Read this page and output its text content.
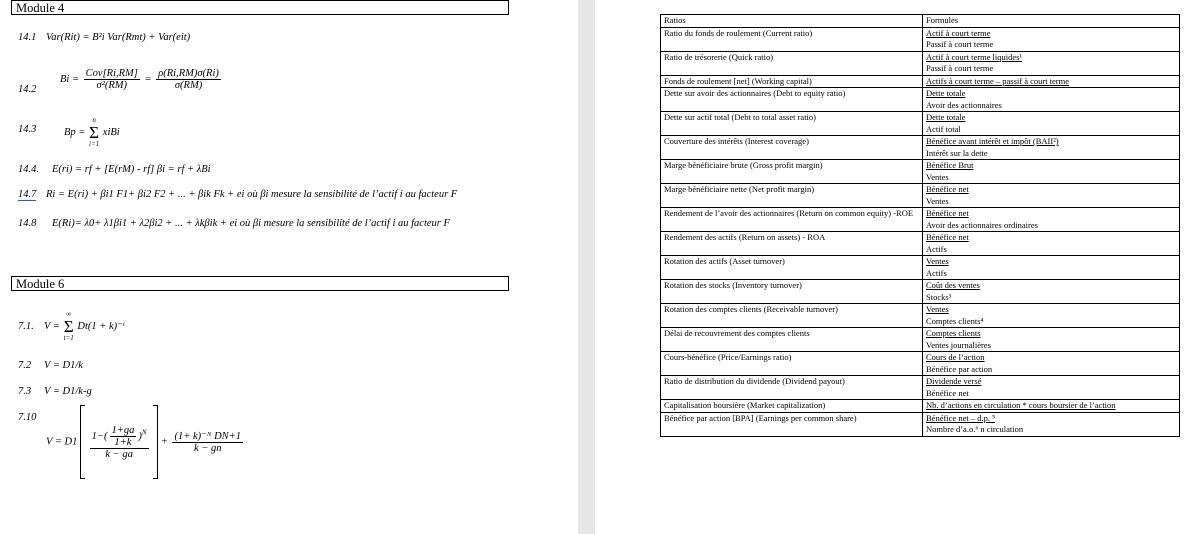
Module 4
14.1 Var(Rit) = B²i Var(Rmt) + Var(eit)
14.2
$Bi = \frac{\text{Cov[Ri,RM]}}{\text{σ²(RM)}} = \frac{\rho(Ri,RM)\sigma(Ri)}{\sigma(RM)}$
14.3	Bp =
n
Σ
i=1
xiBi
14.4. E(ri) = rf + [E(rM) - rf] βi = rf + λBi
14.7 Ri = E(ri) + βi1 F1+ βi2 F2 + ... + βik Fk + ei où βi mesure la sensibilité de l’actif i au facteur F
14.8 E(Ri)= λ0+ λ1βi1 + λ2βi2 + ... + λkβik + ei où βi mesure la sensibilité de l’actif i au facteur F
Module 6
7.1. V =
∞
Σ
t=1
Dt(1 + k)⁻ᵗ
7.2 V = D1/k
7.3 V = D1/k-g
7.10
$V = D1 \frac{1-( \frac{1+ga}{1+k} )^N}{k - ga} + \frac{\text{(1+ k)⁻ᴺ DN+1}}{k - gn}$
Ratios	Formules
Ratio du fonds de roulement (Current ratio)	Actif à court terme
Passif à court terme

Ratio de trésorerie (Quick ratio)	Actif à court terme liquides¹
Passif à court terme

Fonds de roulement [net] (Working capital)	Actifs à court terme – passif à court terme

Dette sur avoir des actionnaires (Debt to equity ratio)	Dette totale
Avoir des actionnaires

Dette sur actif total (Debt to total asset ratio)	Dette totale
Actif total

Couverture des intérêts (Interest coverage)	Bénéfice avant intérêt et impôt (BAII²)
Intérêt sur la dette

Marge bénéficiaire brute (Gross profit margin)	Bénéfice Brut
Ventes

Marge bénéficiaire nette (Net profit margin)	Bénéfice net
Ventes

Rendement de l’avoir des actionnaires (Return on common equity) -ROE	Bénéfice net
Avoir des actionnaires ordinaires

Rendement des actifs (Return on assets) - ROA	Bénéfice net
Actifs

Rotation des actifs (Asset turnover)	Ventes
Actifs

Rotation des stocks (Inventory turnover)	Coût des ventes
Stocks³

Rotation des comptes clients (Receivable turnover)	Ventes
Comptes clients⁴

Délai de recouvrement des comptes clients	Comptes clients
Ventes journalières

Cours-bénéfice (Price/Earnings ratio)	Cours de l’action
Bénéfice par action

Ratio de distribution du dividende (Dividend payout)	Dividende versé
Bénéfice net

Capitalisation boursière (Market capitalization)	Nb. d’actions en circulation * cours boursier de l’action

Bénéfice par action [BPA] (Earnings per common share)	Bénéfice net – d.p. ⁵
Nombre d’a.o.⁶ n circulation
